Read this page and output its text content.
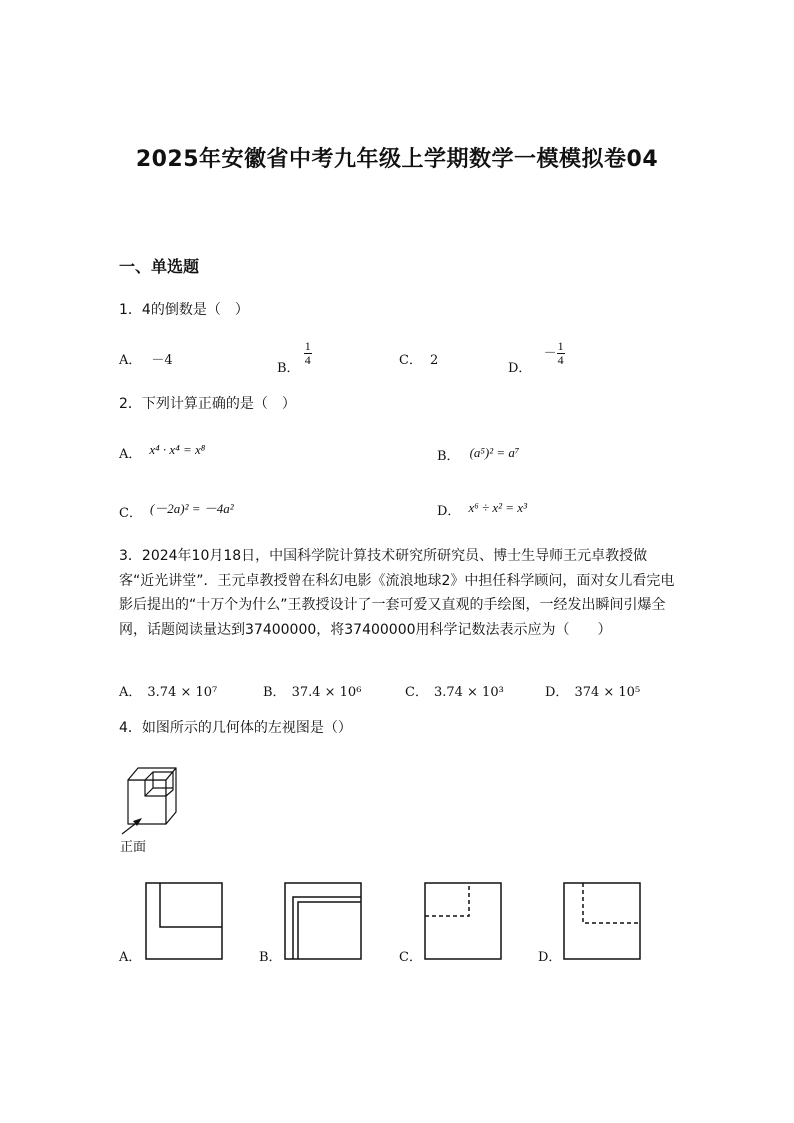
2025年安徽省中考九年级上学期数学一模模拟卷04
一、单选题
1．4的倒数是（　）
A． －4
B．
$\frac{1}{4}$	C． 2
D． － $\frac{1}{4}$
2．下列计算正确的是（　）
A． x⁴ · x⁴ = x⁸	B． (a⁵)² = a⁷
C． (－2a)² = －4a²	D． x⁶ ÷ x² = x³
3．2024年10月18日，中国科学院计算技术研究所研究员、博士生导师王元卓教授做客“近光讲堂”．王元卓教授曾在科幻电影《流浪地球2》中担任科学顾问，面对女儿看完电影后提出的“十万个为什么”王教授设计了一套可爱又直观的手绘图，一经发出瞬间引爆全网，话题阅读量达到37400000，将37400000用科学记数法表示应为（　　）
A． 3.74 × 10⁷	B． 37.4 × 10⁶	C． 3.74 × 10³	D． 374 × 10⁵
4．如图所示的几何体的左视图是（）
正面
A．	B．	C．	D．
